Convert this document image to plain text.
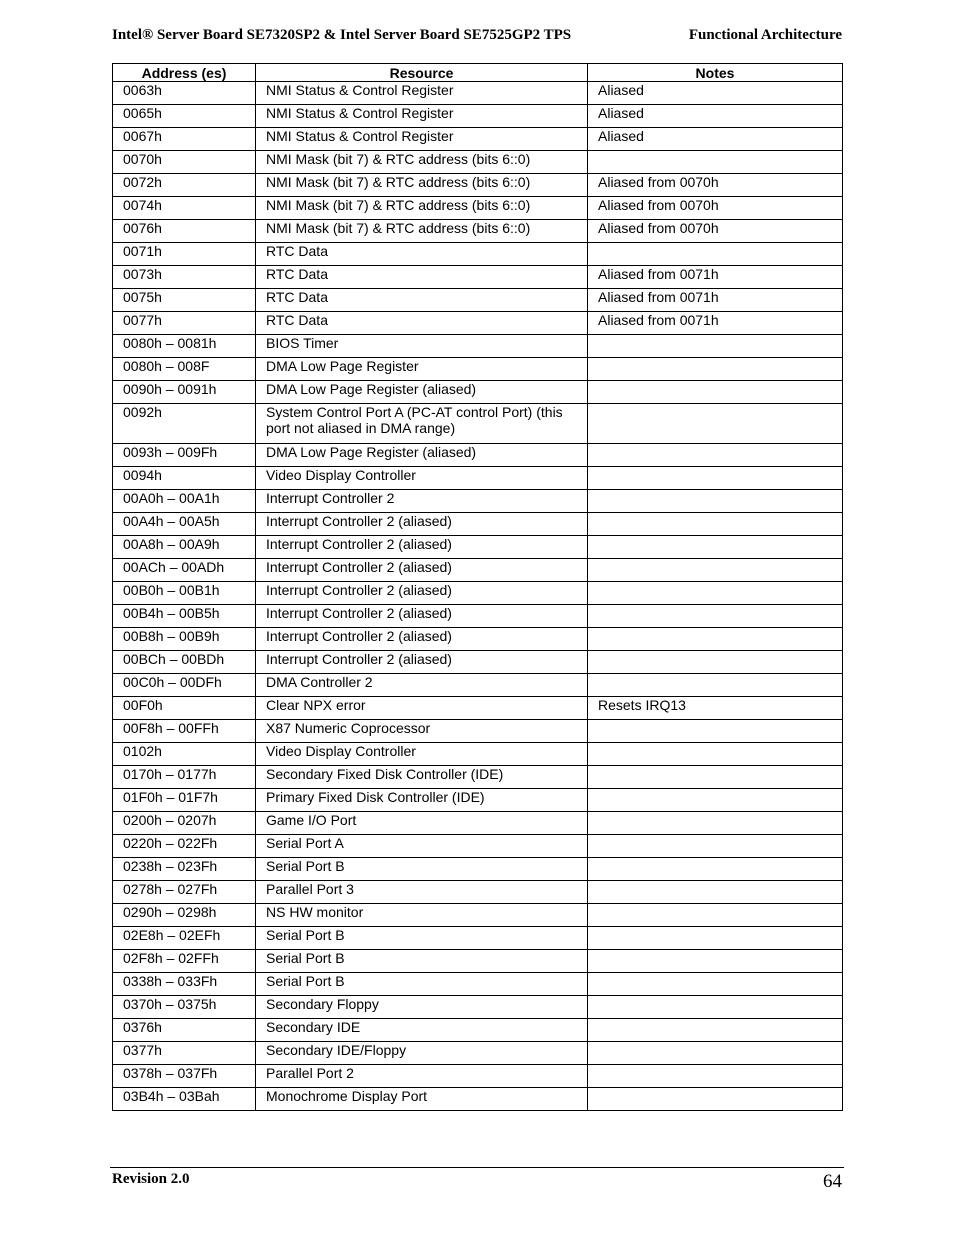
Intel® Server Board SE7320SP2 & Intel Server Board SE7525GP2 TPS	Functional Architecture
Address (es)	Resource	Notes

0063h	NMI Status & Control Register	Aliased

0065h	NMI Status & Control Register	Aliased

0067h	NMI Status & Control Register	Aliased

0070h	NMI Mask (bit 7) & RTC address (bits 6::0)	

0072h	NMI Mask (bit 7) & RTC address (bits 6::0)	Aliased from 0070h

0074h	NMI Mask (bit 7) & RTC address (bits 6::0)	Aliased from 0070h

0076h	NMI Mask (bit 7) & RTC address (bits 6::0)	Aliased from 0070h

0071h	RTC Data	

0073h	RTC Data	Aliased from 0071h

0075h	RTC Data	Aliased from 0071h

0077h	RTC Data	Aliased from 0071h

0080h – 0081h	BIOS Timer	

0080h – 008F	DMA Low Page Register	

0090h – 0091h	DMA Low Page Register (aliased)	

0092h	System Control Port A (PC-AT control Port) (this port not aliased in DMA range)	

0093h – 009Fh	DMA Low Page Register (aliased)	

0094h	Video Display Controller	

00A0h – 00A1h	Interrupt Controller 2	

00A4h – 00A5h	Interrupt Controller 2 (aliased)	

00A8h – 00A9h	Interrupt Controller 2 (aliased)	

00ACh – 00ADh	Interrupt Controller 2 (aliased)	

00B0h – 00B1h	Interrupt Controller 2 (aliased)	

00B4h – 00B5h	Interrupt Controller 2 (aliased)	

00B8h – 00B9h	Interrupt Controller 2 (aliased)	

00BCh – 00BDh	Interrupt Controller 2 (aliased)	

00C0h – 00DFh	DMA Controller 2	

00F0h	Clear NPX error	Resets IRQ13

00F8h – 00FFh	X87 Numeric Coprocessor	

0102h	Video Display Controller	

0170h – 0177h	Secondary Fixed Disk Controller (IDE)	

01F0h – 01F7h	Primary Fixed Disk Controller (IDE)	

0200h – 0207h	Game I/O Port	

0220h – 022Fh	Serial Port A	

0238h – 023Fh	Serial Port B	

0278h – 027Fh	Parallel Port 3	

0290h – 0298h	NS HW monitor	

02E8h – 02EFh	Serial Port B	

02F8h – 02FFh	Serial Port B	

0338h – 033Fh	Serial Port B	

0370h – 0375h	Secondary Floppy	

0376h	Secondary IDE	

0377h	Secondary IDE/Floppy	

0378h – 037Fh	Parallel Port 2	

03B4h – 03Bah	Monochrome Display Port	

Revision 2.0	64
